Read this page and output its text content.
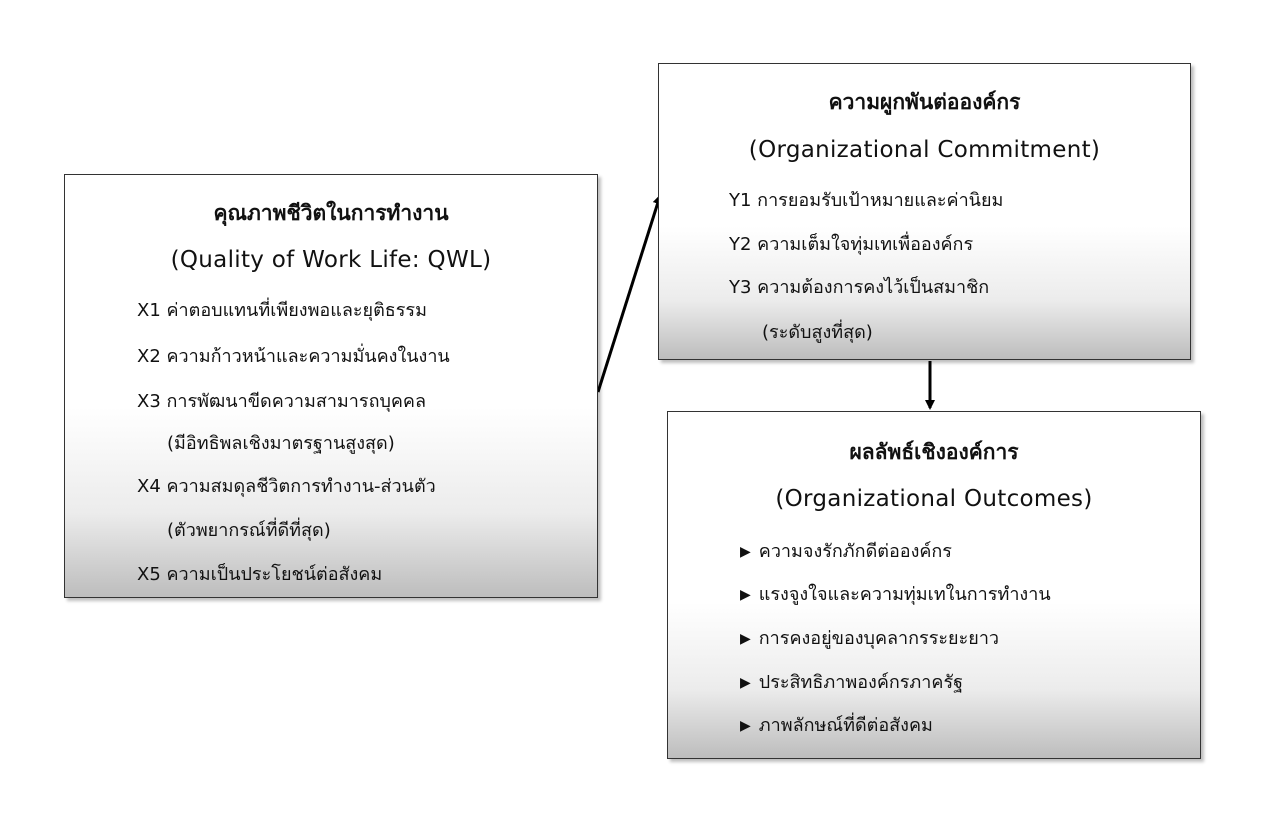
คุณภาพชีวิตในการทำงาน
(Quality of Work Life: QWL)
X1 ค่าตอบแทนที่เพียงพอและยุติธรรม
X2 ความก้าวหน้าและความมั่นคงในงาน
X3 การพัฒนาขีดความสามารถบุคคล
(มีอิทธิพลเชิงมาตรฐานสูงสุด)
X4 ความสมดุลชีวิตการทำงาน-ส่วนตัว
(ตัวพยากรณ์ที่ดีที่สุด)
X5 ความเป็นประโยชน์ต่อสังคม
ความผูกพันต่อองค์กร
(Organizational Commitment)
Y1 การยอมรับเป้าหมายและค่านิยม
Y2 ความเต็มใจทุ่มเทเพื่อองค์กร
Y3 ความต้องการคงไว้เป็นสมาชิก
(ระดับสูงที่สุด)
ผลลัพธ์เชิงองค์การ
(Organizational Outcomes)
▶ ความจงรักภักดีต่อองค์กร
▶ แรงจูงใจและความทุ่มเทในการทำงาน
▶ การคงอยู่ของบุคลากรระยะยาว
▶ ประสิทธิภาพองค์กรภาครัฐ
▶ ภาพลักษณ์ที่ดีต่อสังคม
